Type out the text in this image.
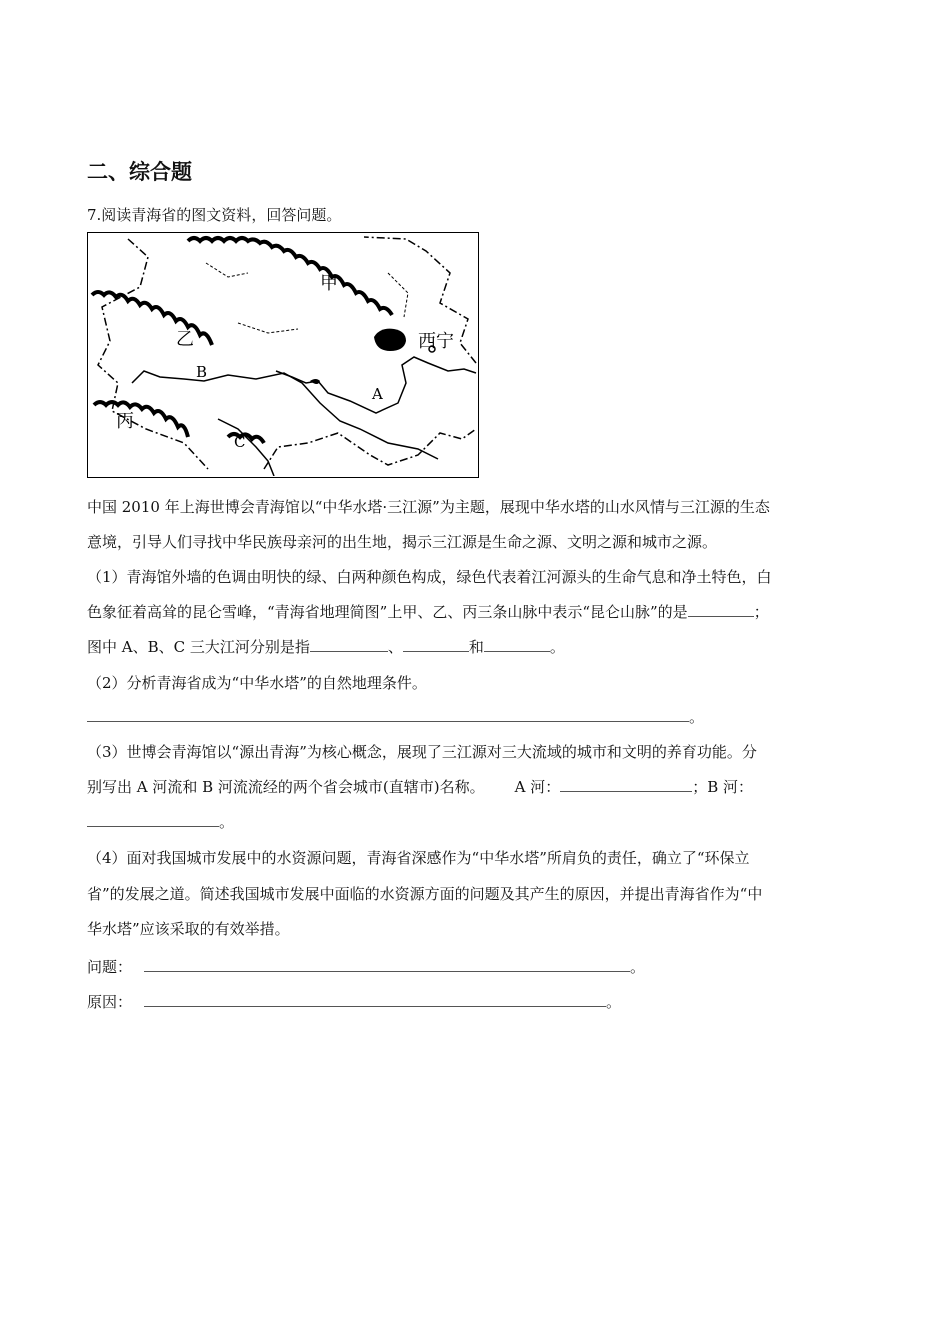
二、综合题
7.阅读青海省的图文资料，回答问题。
甲
乙
丙
西宁
A
B
C
中国 2010 年上海世博会青海馆以“中华水塔·三江源”为主题，展现中华水塔的山水风情与三江源的生态
意境，引导人们寻找中华民族母亲河的出生地，揭示三江源是生命之源、文明之源和城市之源。
（1）青海馆外墙的色调由明快的绿、白两种颜色构成，绿色代表着江河源头的生命气息和净土特色，白
色象征着高耸的昆仑雪峰，“青海省地理简图”上甲、乙、丙三条山脉中表示“昆仑山脉”的是	；
图中 A、B、C 三大江河分别是指	、	和	。
（2）分析青海省成为“中华水塔”的自然地理条件。
。
（3）世博会青海馆以“源出青海”为核心概念，展现了三江源对三大流域的城市和文明的养育功能。分
别写出 A 河流和 B 河流流经的两个省会城市(直辖市)名称。 A 河：	；B 河：
。
（4）面对我国城市发展中的水资源问题，青海省深感作为“中华水塔”所肩负的责任，确立了“环保立
省”的发展之道。简述我国城市发展中面临的水资源方面的问题及其产生的原因，并提出青海省作为“中
华水塔”应该采取的有效举措。
问题：	。
原因：	。
